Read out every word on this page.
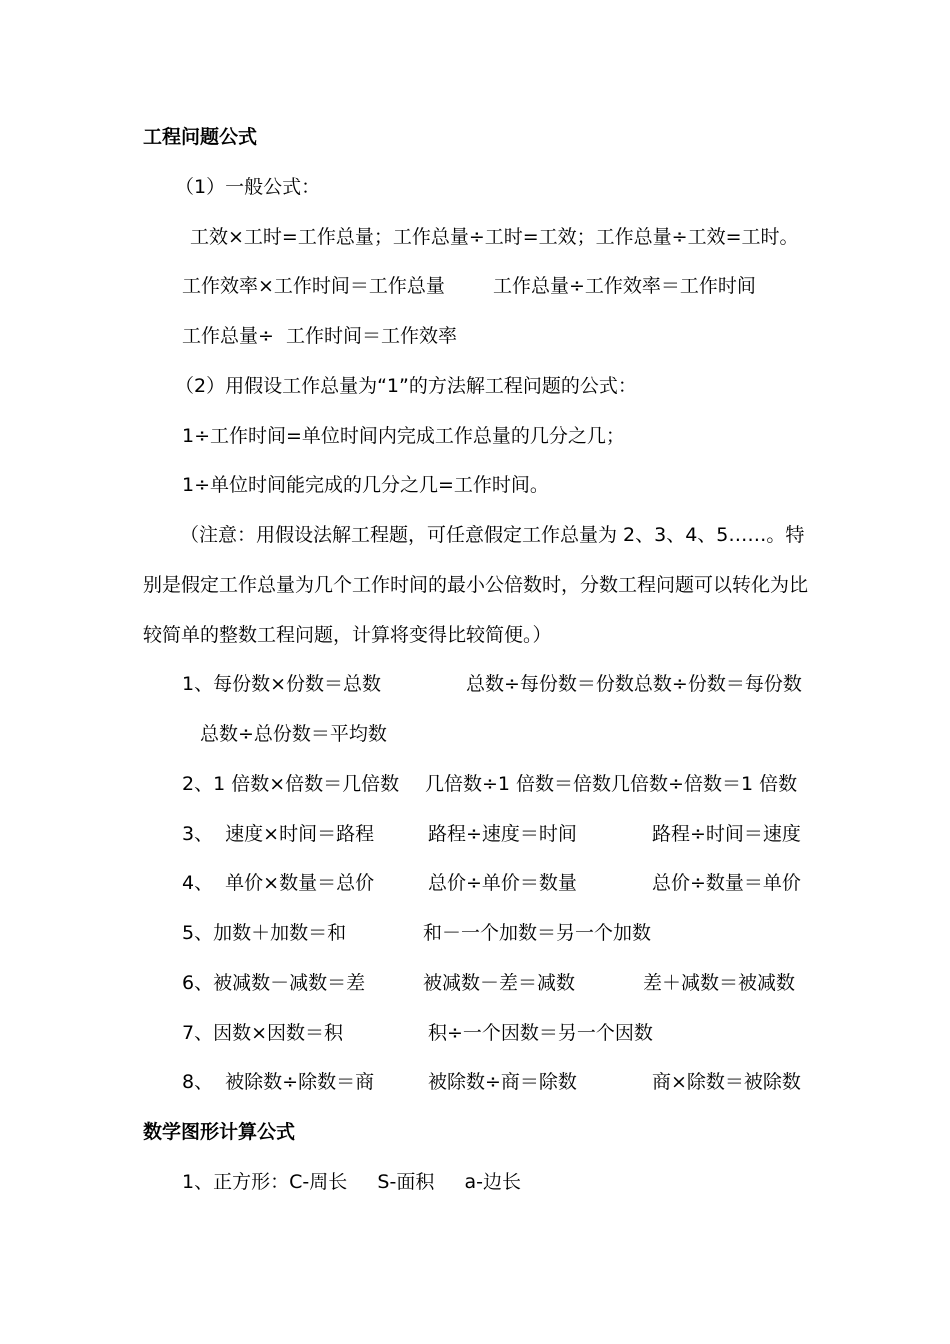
工程问题公式
（1）一般公式：
工效×工时=工作总量；工作总量÷工时=工效；工作总量÷工效=工时。
工作效率×工作时间＝工作总量	工作总量÷工作效率＝工作时间
工作总量÷  工作时间＝工作效率
（2）用假设工作总量为“1”的方法解工程问题的公式：
1÷工作时间=单位时间内完成工作总量的几分之几；
1÷单位时间能完成的几分之几=工作时间。
（注意：用假设法解工程题，可任意假定工作总量为 2、3、4、5……。特
别是假定工作总量为几个工作时间的最小公倍数时，分数工程问题可以转化为比
较简单的整数工程问题，计算将变得比较简便。）
1、每份数×份数＝总数	总数÷每份数＝份数总数÷份数＝每份数
总数÷总份数＝平均数
2、1 倍数×倍数＝几倍数 几倍数÷1 倍数＝倍数几倍数÷倍数＝1 倍数
3、  速度×时间＝路程	路程÷速度＝时间	路程÷时间＝速度
4、  单价×数量＝总价	总价÷单价＝数量	总价÷数量＝单价
5、加数＋加数＝和	和－一个加数＝另一个加数
6、被减数－减数＝差	被减数－差＝减数	差＋减数＝被减数
7、因数×因数＝积	积÷一个因数＝另一个因数
8、  被除数÷除数＝商	被除数÷商＝除数	商×除数＝被除数
数学图形计算公式
1、正方形：C-周长     S-面积     a-边长
